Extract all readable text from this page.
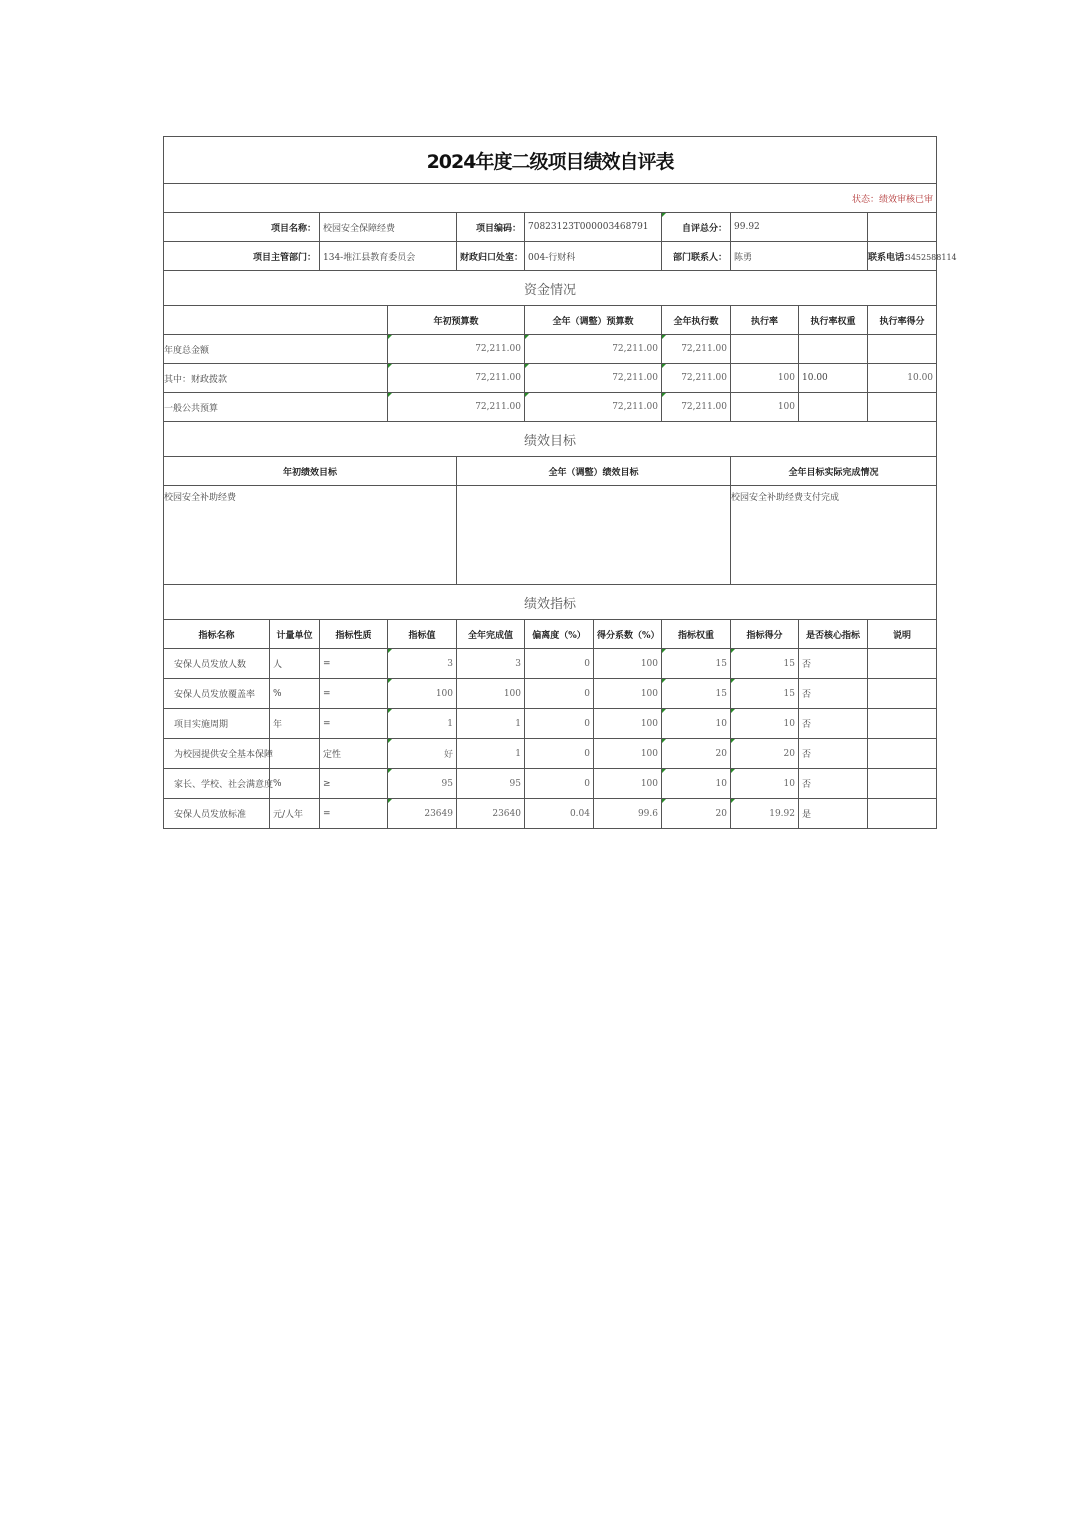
2024年度二级项目绩效自评表										
状态：绩效审核已审										
项目名称：		校园安全保障经费		项目编码：	70823123T000003468791		自评总分：	99.92		
项目主管部门：		134-堆江县教育委员会		财政归口处室：	004-行财科		部门联系人：	陈勇		联系电话：13452588114
资金情况										
			年初预算数		全年（调整）预算数		全年执行数	执行率	执行率权重	执行率得分
年度总金额			72,211.00		72,211.00		72,211.00			
其中：财政拨款			72,211.00		72,211.00		72,211.00	100	10.00	10.00
一般公共预算			72,211.00		72,211.00		72,211.00	100		
绩效目标										
年初绩效目标				全年（调整）绩效目标				全年目标实际完成情况		
校园安全补助经费								校园安全补助经费支付完成		
绩效指标										
指标名称	计量单位	指标性质	指标值	全年完成值	偏离度（%）	得分系数（%）	指标权重	指标得分	是否核心指标	说明
安保人员发放人数	人	=	3	3	0	100	15	15	否	
安保人员发放覆盖率	%	=	100	100	0	100	15	15	否	
项目实施周期	年	=	1	1	0	100	10	10	否	
为校园提供安全基本保障		定性	好	1	0	100	20	20	否	
家长、学校、社会满意度	%	≥	95	95	0	100	10	10	否	
安保人员发放标准	元/人年	=	23649	23640	0.04	99.6	20	19.92	是	
